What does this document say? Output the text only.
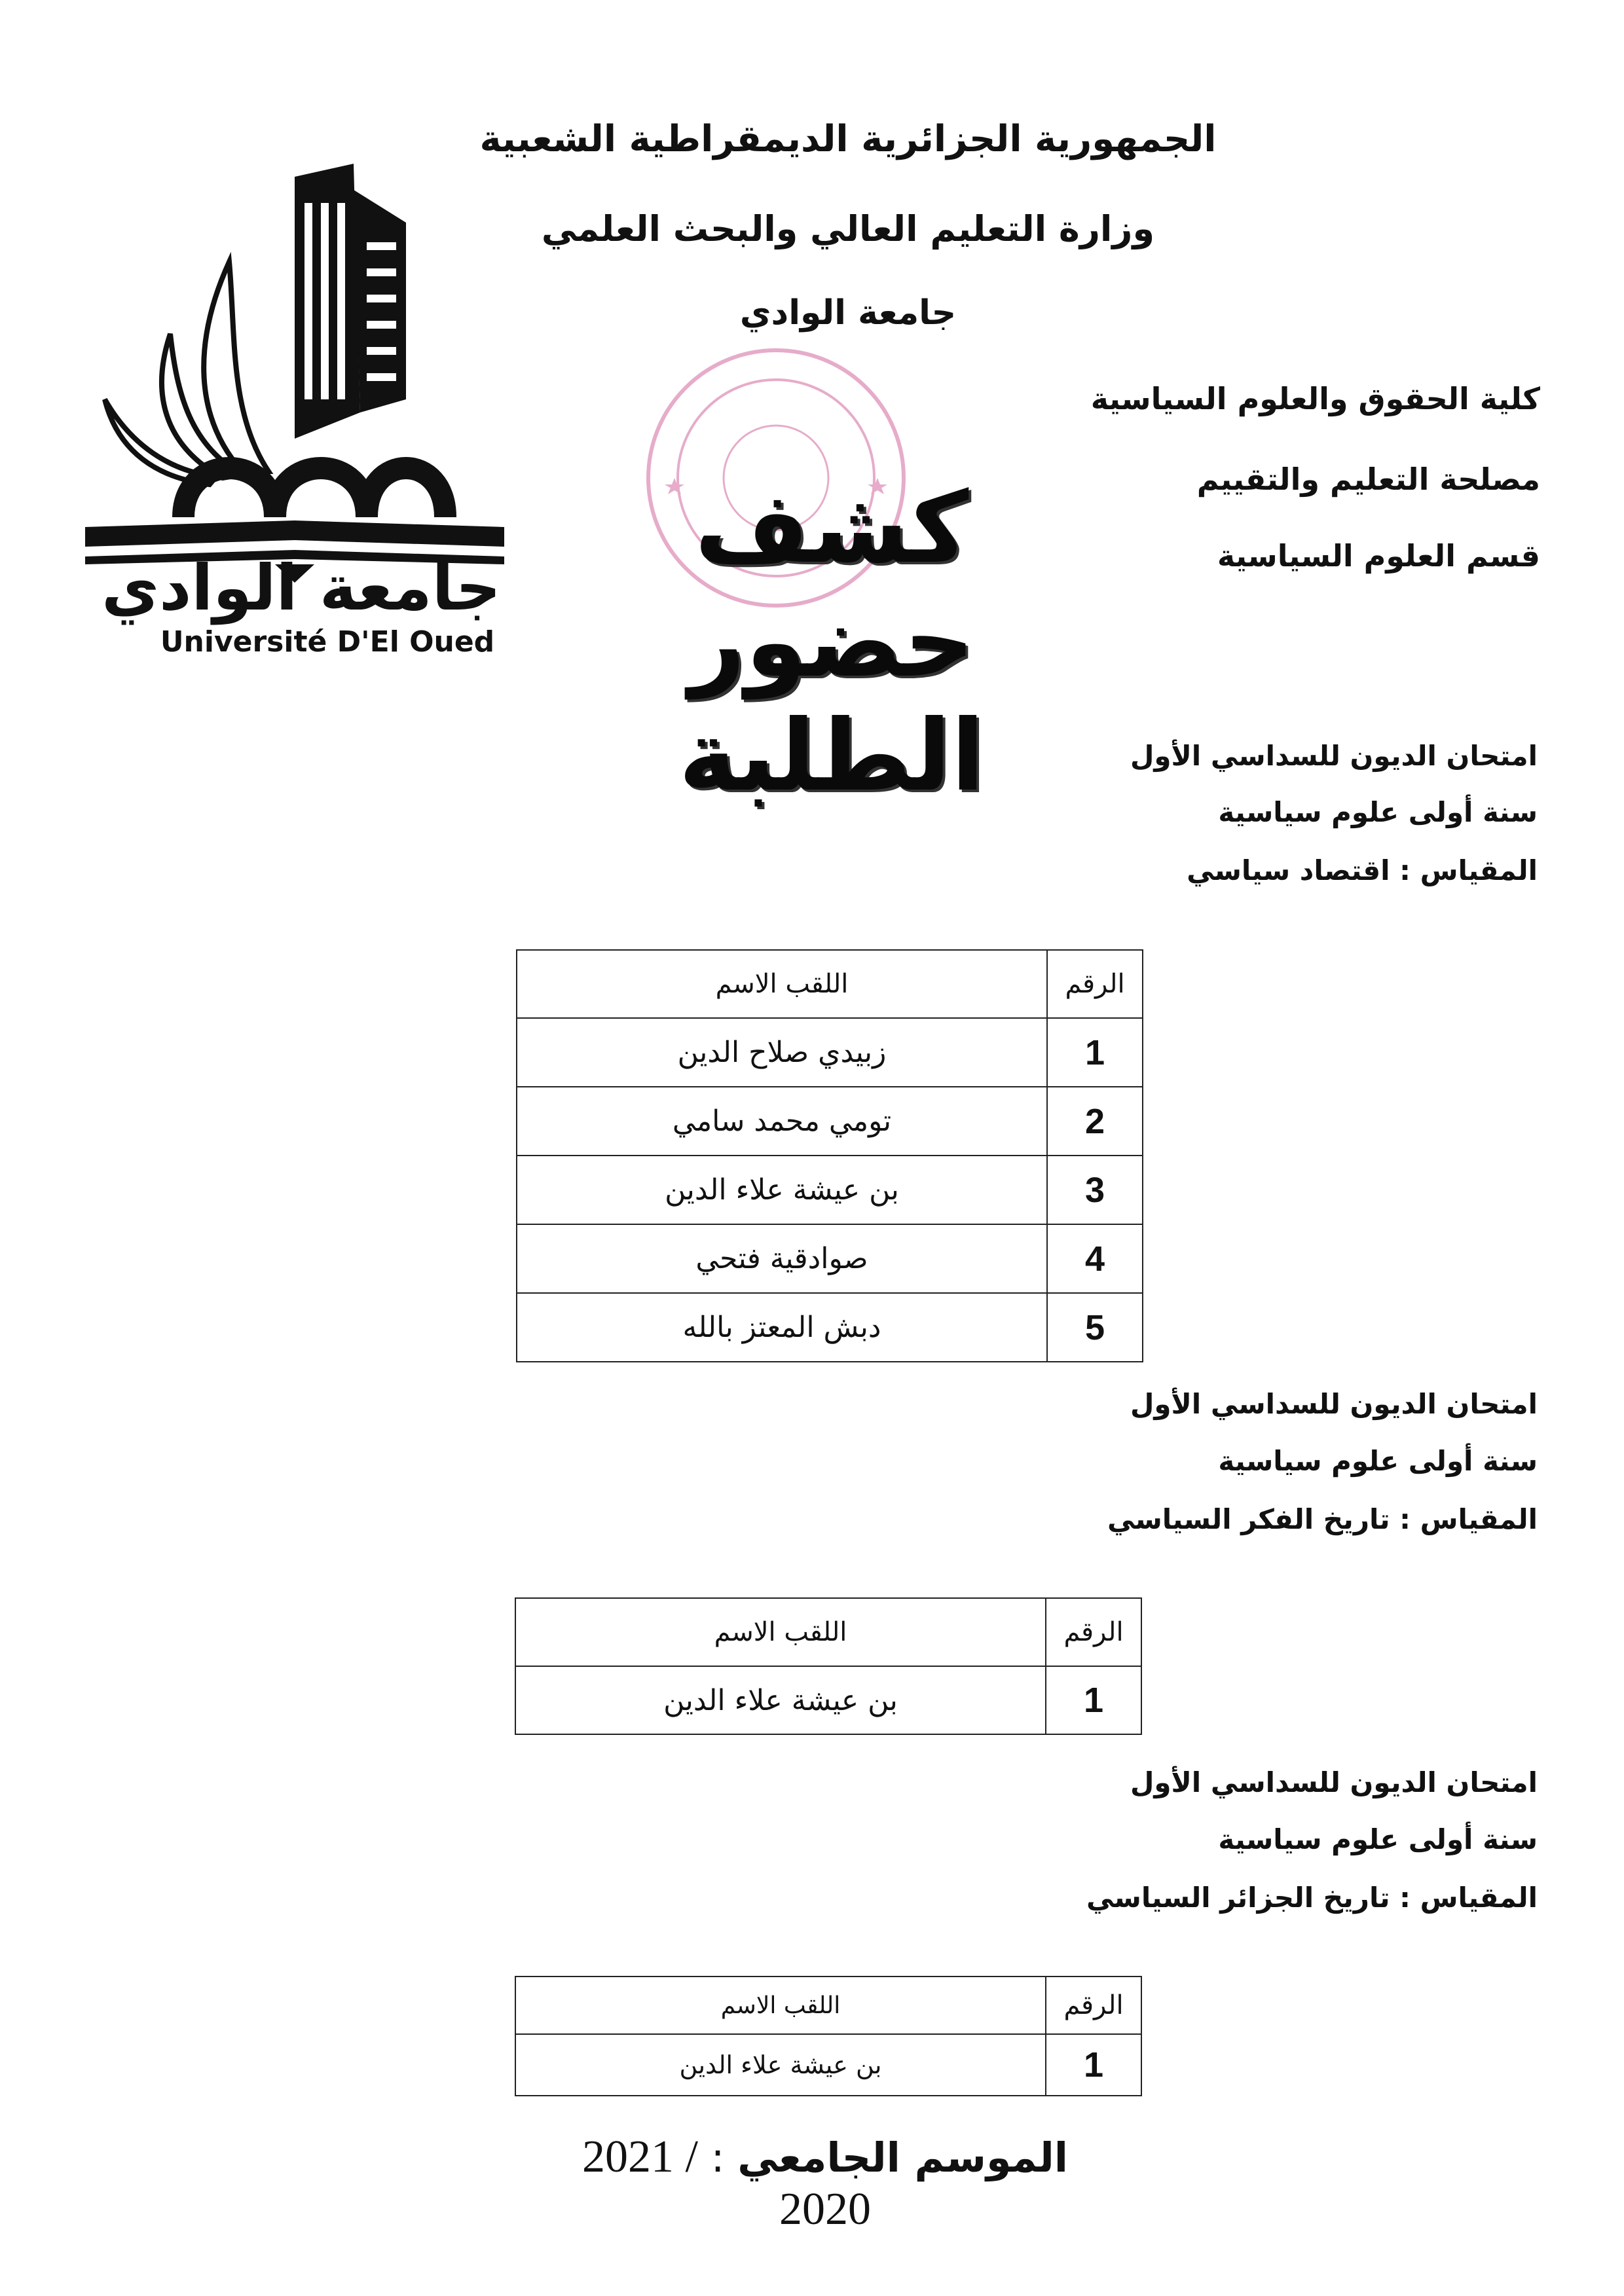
الجمهورية الجزائرية الديمقراطية الشعبية
وزارة التعليم العالي والبحث العلمي
جامعة الوادي
كلية الحقوق والعلوم السياسية
مصلحة التعليم والتقييم
قسم العلوم السياسية
جامعة الوادي
Université D'El Oued
كشف حضور الطلبة	امتحان الديون للسداسي الأول
سنة أولى علوم سياسية
المقياس : اقتصاد سياسي
الرقم	اللقب الاسم
1	زبيدي صلاح الدين
2	تومي محمد سامي
3	بن عيشة علاء الدين
4	صوادقية فتحي
5	دبش المعتز بالله
امتحان الديون للسداسي الأول
سنة أولى علوم سياسية
المقياس : تاريخ الفكر السياسي
الرقم	اللقب الاسم
1	بن عيشة علاء الدين
امتحان الديون للسداسي الأول
سنة أولى علوم سياسية
المقياس : تاريخ الجزائر السياسي
الرقم	اللقب الاسم
1	بن عيشة علاء الدين
الموسم الجامعي : 2021 / 2020
